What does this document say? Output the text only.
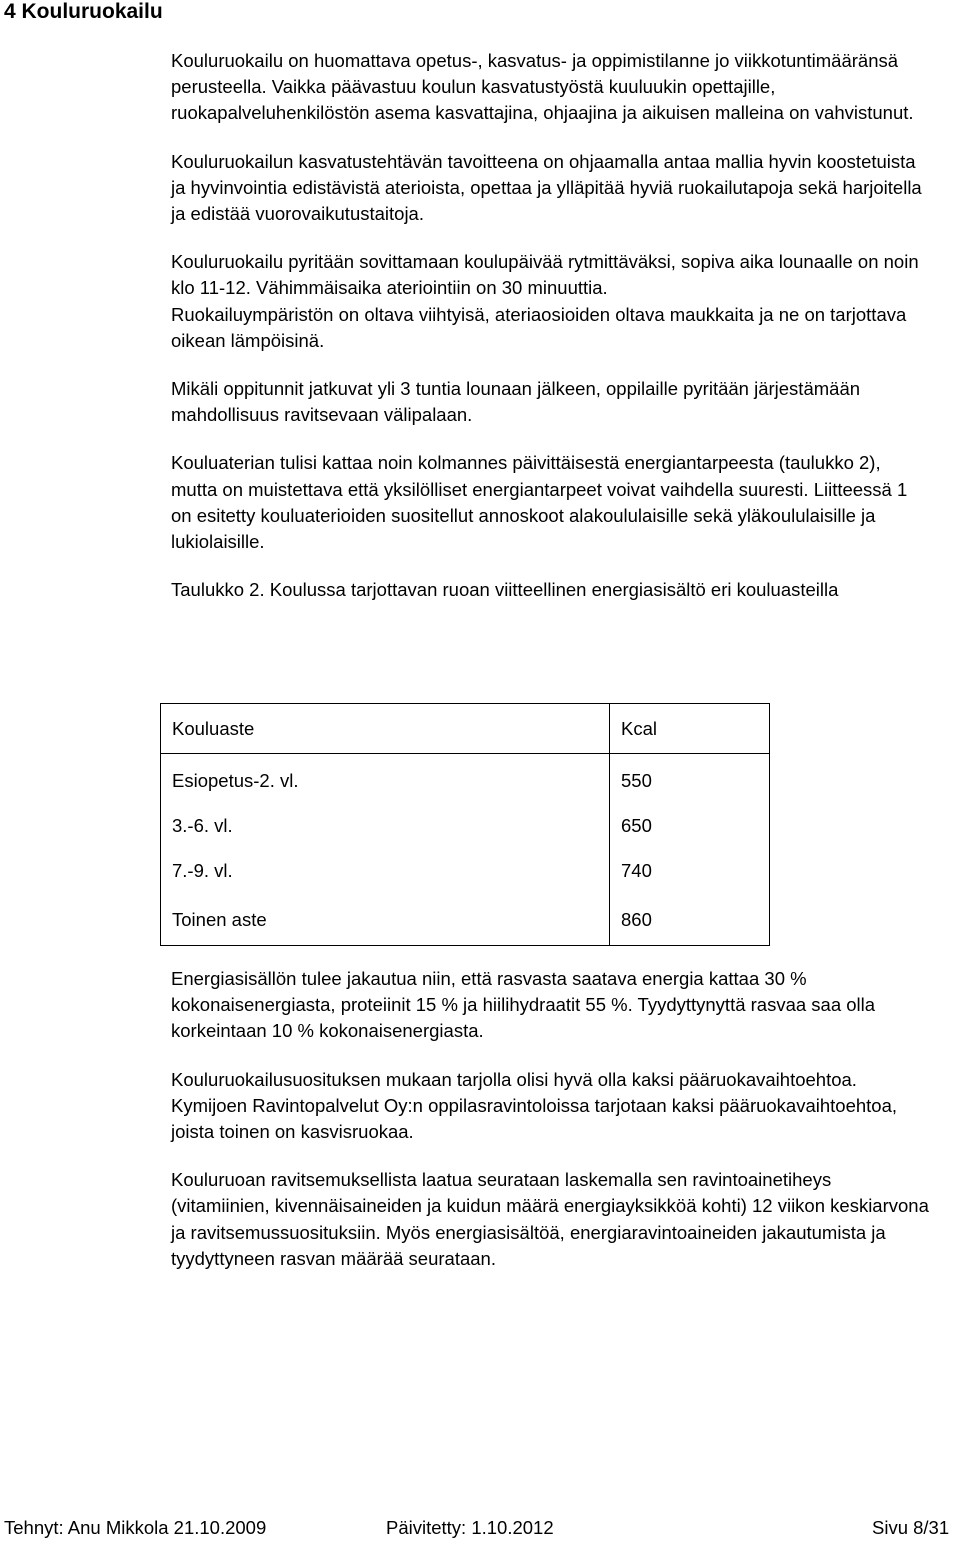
4 Kouluruokailu

Kouluruokailu on huomattava opetus-, kasvatus- ja oppimistilanne jo viikkotuntimääränsä perusteella. Vaikka päävastuu koulun kasvatustyöstä kuuluukin opettajille, ruokapalveluhenkilöstön asema kasvattajina, ohjaajina ja aikuisen malleina on vahvistunut.

Kouluruokailun kasvatustehtävän tavoitteena on ohjaamalla antaa mallia hyvin koostetuista ja hyvinvointia edistävistä aterioista, opettaa ja ylläpitää hyviä ruokailutapoja sekä harjoitella ja edistää vuorovaikutustaitoja.

Kouluruokailu pyritään sovittamaan koulupäivää rytmittäväksi, sopiva aika lounaalle on noin klo 11-12. Vähimmäisaika ateriointiin on 30 minuuttia.

Ruokailuympäristön on oltava viihtyisä, ateriaosioiden oltava maukkaita ja ne on tarjottava oikean lämpöisinä.

Mikäli oppitunnit jatkuvat yli 3 tuntia lounaan jälkeen, oppilaille pyritään järjestämään mahdollisuus ravitsevaan välipalaan.

Kouluaterian tulisi kattaa noin kolmannes päivittäisestä energiantarpeesta (taulukko 2), mutta on muistettava että yksilölliset energiantarpeet voivat vaihdella suuresti. Liitteessä 1 on esitetty kouluaterioiden suositellut annoskoot alakoululaisille sekä yläkoululaisille ja lukiolaisille.

Taulukko 2. Koulussa tarjottavan ruoan viitteellinen energiasisältö eri kouluasteilla

Kouluaste	Kcal
Esiopetus-2. vl.	550
3.-6. vl.	650
7.-9. vl.	740
Toinen aste	860

Energiasisällön tulee jakautua niin, että rasvasta saatava energia kattaa 30 % kokonaisenergiasta, proteiinit 15 % ja hiilihydraatit 55 %. Tyydyttynyttä rasvaa saa olla korkeintaan 10 % kokonaisenergiasta.

Kouluruokailusuosituksen mukaan tarjolla olisi hyvä olla kaksi pääruokavaihtoehtoa. Kymijoen Ravintopalvelut Oy:n oppilasravintoloissa tarjotaan kaksi pääruokavaihtoehtoa, joista toinen on kasvisruokaa.

Kouluruoan ravitsemuksellista laatua seurataan laskemalla sen ravintoainetiheys (vitamiinien, kivennäisaineiden ja kuidun määrä energiayksikköä kohti) 12 viikon keskiarvona ja ravitsemussuosituksiin. Myös energiasisältöä, energiaravintoaineiden jakautumista ja tyydyttyneen rasvan määrää seurataan.

Tehnyt: Anu Mikkola 21.10.2009	Päivitetty: 1.10.2012	Sivu 8/31
